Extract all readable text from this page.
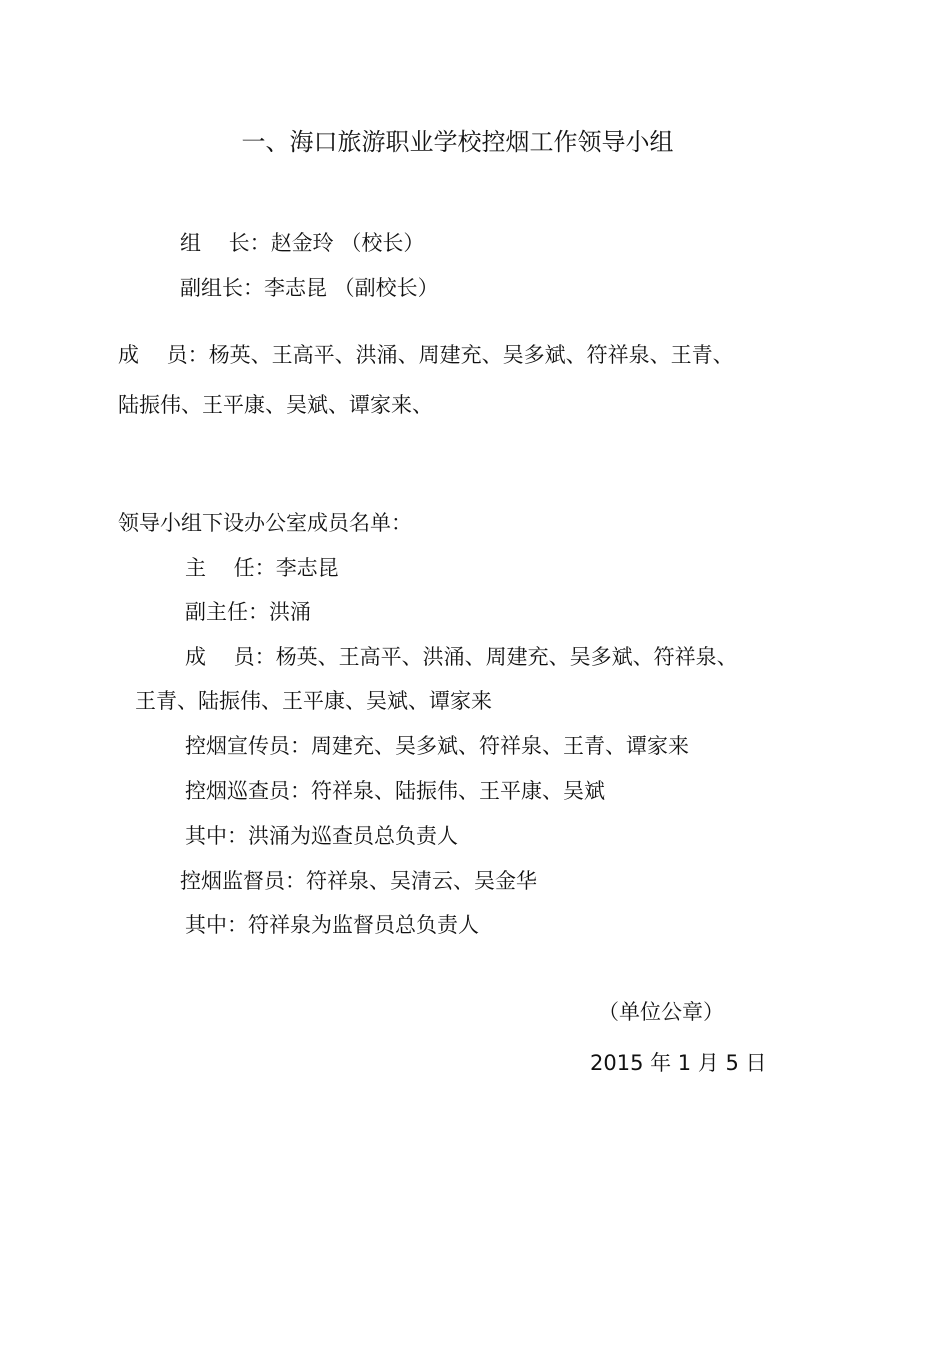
一、海口旅游职业学校控烟工作领导小组
组　 长：赵金玲 （校长）
副组长：李志昆 （副校长）
成　 员：杨英、王高平、洪涌、周建充、吴多斌、符祥泉、王青、
陆振伟、王平康、吴斌、谭家来、
领导小组下设办公室成员名单：
主　 任：李志昆
副主任：洪涌
成　 员：杨英、王高平、洪涌、周建充、吴多斌、符祥泉、
王青、陆振伟、王平康、吴斌、谭家来
控烟宣传员：周建充、吴多斌、符祥泉、王青、谭家来
控烟巡查员：符祥泉、陆振伟、王平康、吴斌
其中：洪涌为巡查员总负责人
控烟监督员：符祥泉、吴清云、吴金华
其中：符祥泉为监督员总负责人
（单位公章）
2015 年 1 月 5 日
